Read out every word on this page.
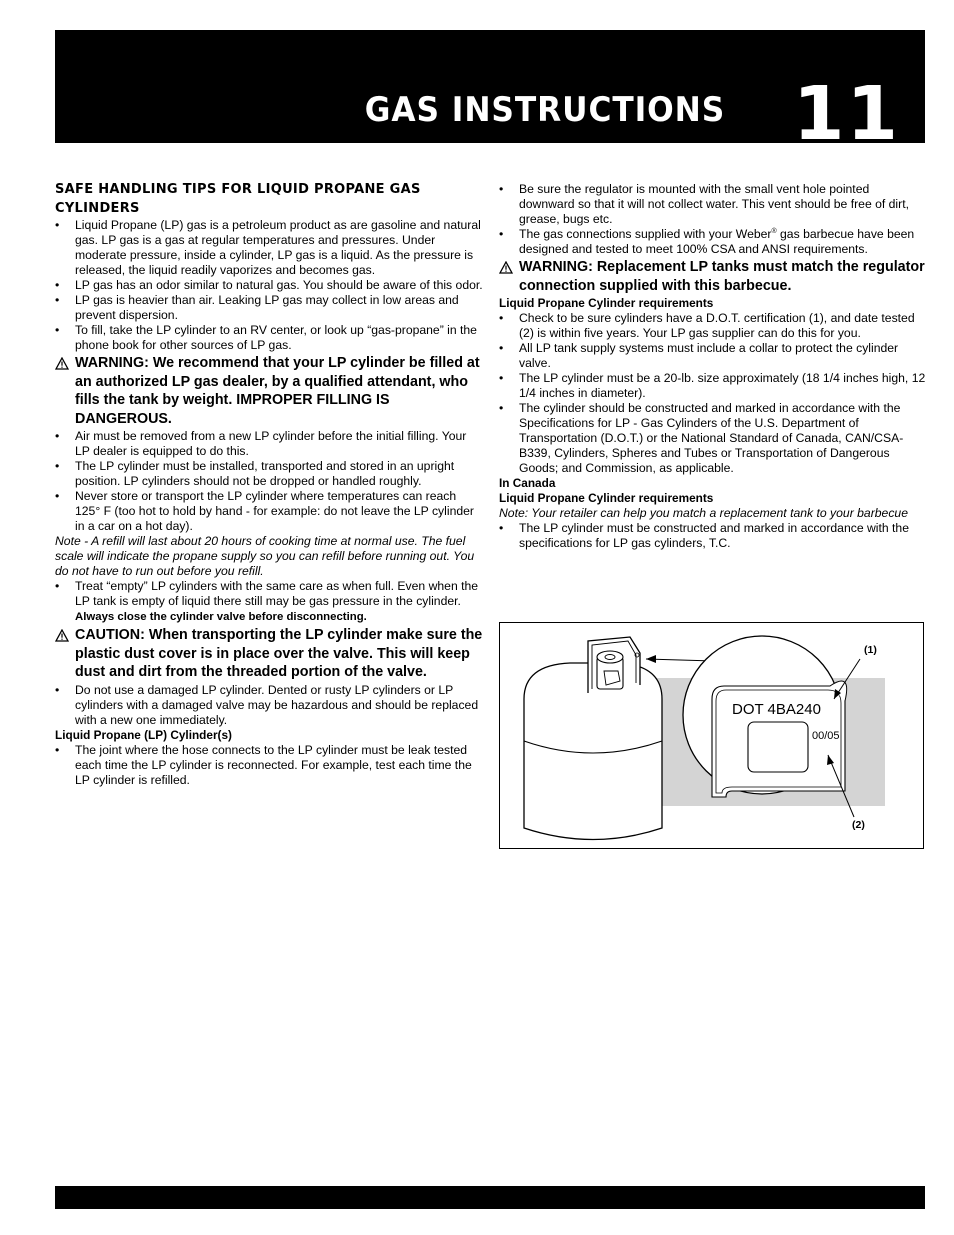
GAS INSTRUCTIONS 11
SAFE HANDLING TIPS FOR LIQUID PROPANE GAS CYLINDERS
• Liquid Propane (LP) gas is a petroleum product as are gasoline and natural gas. LP gas is a gas at regular temperatures and pressures. Under moderate pressure, inside a cylinder, LP gas is a liquid. As the pressure is released, the liquid readily vaporizes and becomes gas.
• LP gas has an odor similar to natural gas. You should be aware of this odor.
• LP gas is heavier than air. Leaking LP gas may collect in low areas and prevent dispersion.
• To fill, take the LP cylinder to an RV center, or look up “gas-propane” in the phone book for other sources of LP gas.
WARNING: We recommend that your LP cylinder be filled at an authorized LP gas dealer, by a qualified attendant, who fills the tank by weight. IMPROPER FILLING IS DANGEROUS.
• Air must be removed from a new LP cylinder before the initial filling. Your LP dealer is equipped to do this.
• The LP cylinder must be installed, transported and stored in an upright position. LP cylinders should not be dropped or handled roughly.
• Never store or transport the LP cylinder where temperatures can reach 125° F (too hot to hold by hand - for example: do not leave the LP cylinder in a car on a hot day).
Note - A refill will last about 20 hours of cooking time at normal use. The fuel scale will indicate the propane supply so you can refill before running out. You do not have to run out before you refill.
• Treat “empty” LP cylinders with the same care as when full. Even when the LP tank is empty of liquid there still may be gas pressure in the cylinder. Always close the cylinder valve before disconnecting.
CAUTION: When transporting the LP cylinder make sure the plastic dust cover is in place over the valve. This will keep dust and dirt from the threaded portion of the valve.
• Do not use a damaged LP cylinder. Dented or rusty LP cylinders or LP cylinders with a damaged valve may be hazardous and should be replaced with a new one immediately.
Liquid Propane (LP) Cylinder(s)
• The joint where the hose connects to the LP cylinder must be leak tested each time the LP cylinder is reconnected. For example, test each time the LP cylinder is refilled.
• Be sure the regulator is mounted with the small vent hole pointed downward so that it will not collect water. This vent should be free of dirt, grease, bugs etc.
• The gas connections supplied with your Weber® gas barbecue have been designed and tested to meet 100% CSA and ANSI requirements.
WARNING: Replacement LP tanks must match the regulator connection supplied with this barbecue.
Liquid Propane Cylinder requirements
• Check to be sure cylinders have a D.O.T. certification (1), and date tested (2) is within five years. Your LP gas supplier can do this for you.
• All LP tank supply systems must include a collar to protect the cylinder valve.
• The LP cylinder must be a 20-lb. size approximately (18 1/4 inches high, 12 1/4 inches in diameter).
• The cylinder should be constructed and marked in accordance with the Specifications for LP - Gas Cylinders of the U.S. Department of Transportation (D.O.T.) or the National Standard of Canada, CAN/CSA-B339, Cylinders, Spheres and Tubes or Transportation of Dangerous Goods; and Commission, as applicable.
In Canada
Liquid Propane Cylinder requirements
Note: Your retailer can help you match a replacement tank to your barbecue
• The LP cylinder must be constructed and marked in accordance with the specifications for LP gas cylinders, T.C.
(1)
(2)
DOT 4BA240
00/05
